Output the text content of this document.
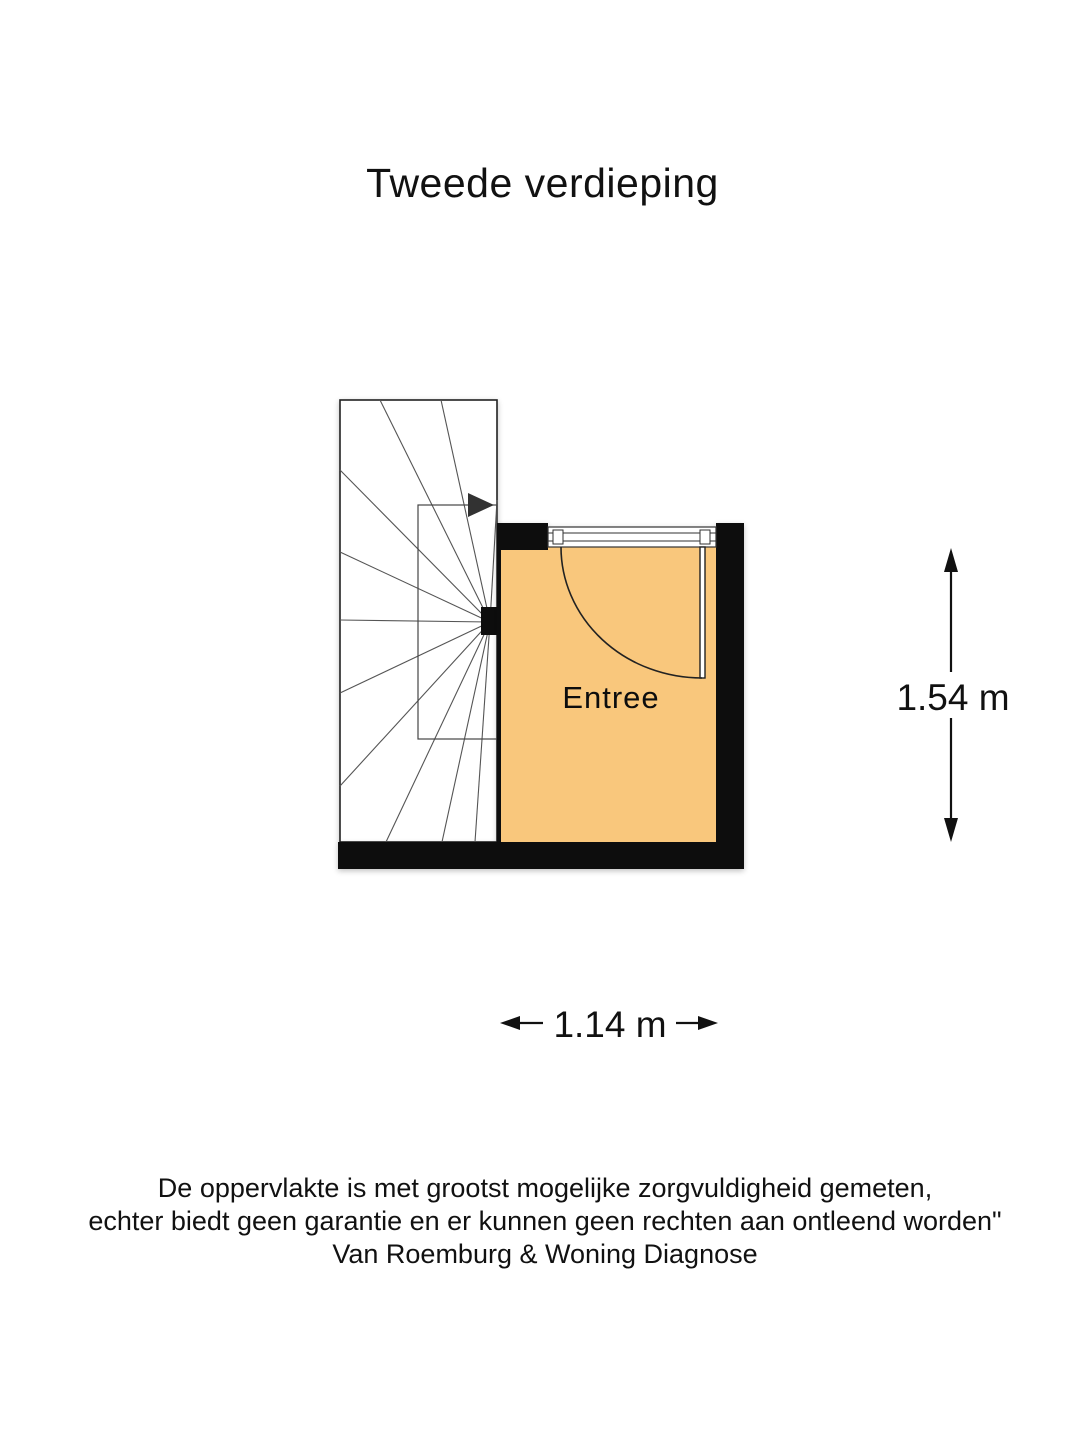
Tweede verdieping
Entree	1.54 m
1.14 m
De oppervlakte is met grootst mogelijke zorgvuldigheid gemeten,
echter biedt geen garantie en er kunnen geen rechten aan ontleend worden"
Van Roemburg & Woning Diagnose
